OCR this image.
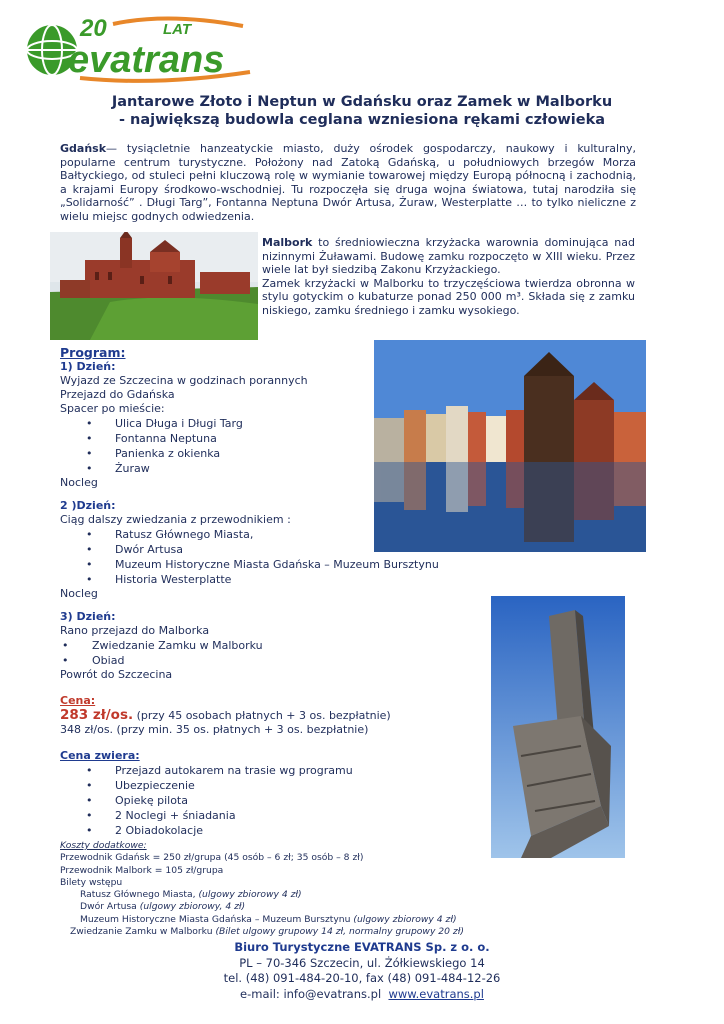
20	LAT
evatrans
Jantarowe Złoto i Neptun w Gdańsku oraz Zamek w Malborku
- największą budowla ceglana wzniesiona rękami człowieka
Gdańsk— tysiącletnie hanzeatyckie miasto, duży ośrodek gospodarczy, naukowy i kulturalny, popularne centrum turystyczne. Położony nad Zatoką Gdańską, u południowych brzegów Morza Bałtyckiego, od stuleci pełni kluczową rolę w wymianie towarowej między Europą północną i zachodnią, a krajami Europy środkowo-wschodniej. Tu rozpoczęła się druga wojna światowa, tutaj narodziła się „Solidarność” . Długi Targ”, Fontanna Neptuna Dwór Artusa, Żuraw, Westerplatte … to tylko nieliczne z wielu miejsc godnych odwiedzenia.
Malbork to średniowieczna krzyżacka warownia dominująca nad nizinnymi Żuławami. Budowę zamku rozpoczęto w XIII wieku. Przez wiele lat był siedzibą Zakonu Krzyżackiego.
Zamek krzyżacki w Malborku to trzyczęściowa twierdza obronna w stylu gotyckim o kubaturze ponad 250 000 m³. Składa się z zamku niskiego, zamku średniego i zamku wysokiego.
Program:
1) Dzień:
Wyjazd ze Szczecina w godzinach porannych
Przejazd do Gdańska
Spacer po mieście:
• Ulica Długa i Długi Targ
• Fontanna Neptuna
• Panienka z okienka
• Żuraw
Nocleg
2 )Dzień:
Ciąg dalszy zwiedzania z przewodnikiem :
• Ratusz Głównego Miasta,
• Dwór Artusa
• Muzeum Historyczne Miasta Gdańska – Muzeum Bursztynu
• Historia Westerplatte
Nocleg
3) Dzień:
Rano przejazd do Malborka
• Zwiedzanie Zamku w Malborku
• Obiad
Powrót do Szczecina
Cena:
283 zł/os. (przy 45 osobach płatnych + 3 os. bezpłatnie)
348 zł/os. (przy min. 35 os. płatnych + 3 os. bezpłatnie)
Cena zwiera:
• Przejazd autokarem na trasie wg programu
• Ubezpieczenie
• Opiekę pilota
• 2 Noclegi + śniadania
• 2 Obiadokolacje
Koszty dodatkowe:
Przewodnik Gdańsk = 250 zł/grupa (45 osób – 6 zł; 35 osób – 8 zł)
Przewodnik Malbork = 105 zł/grupa
Bilety wstępu
Ratusz Głównego Miasta, (ulgowy zbiorowy 4 zł)
Dwór Artusa (ulgowy zbiorowy, 4 zł)
Muzeum Historyczne Miasta Gdańska – Muzeum Bursztynu (ulgowy zbiorowy 4 zł)
Zwiedzanie Zamku w Malborku (Bilet ulgowy grupowy 14 zł, normalny grupowy 20 zł)
Biuro Turystyczne EVATRANS Sp. z o. o.
PL – 70-346 Szczecin, ul. Żółkiewskiego 14
tel. (48) 091-484-20-10, fax (48) 091-484-12-26
e-mail: info@evatrans.pl www.evatrans.pl
